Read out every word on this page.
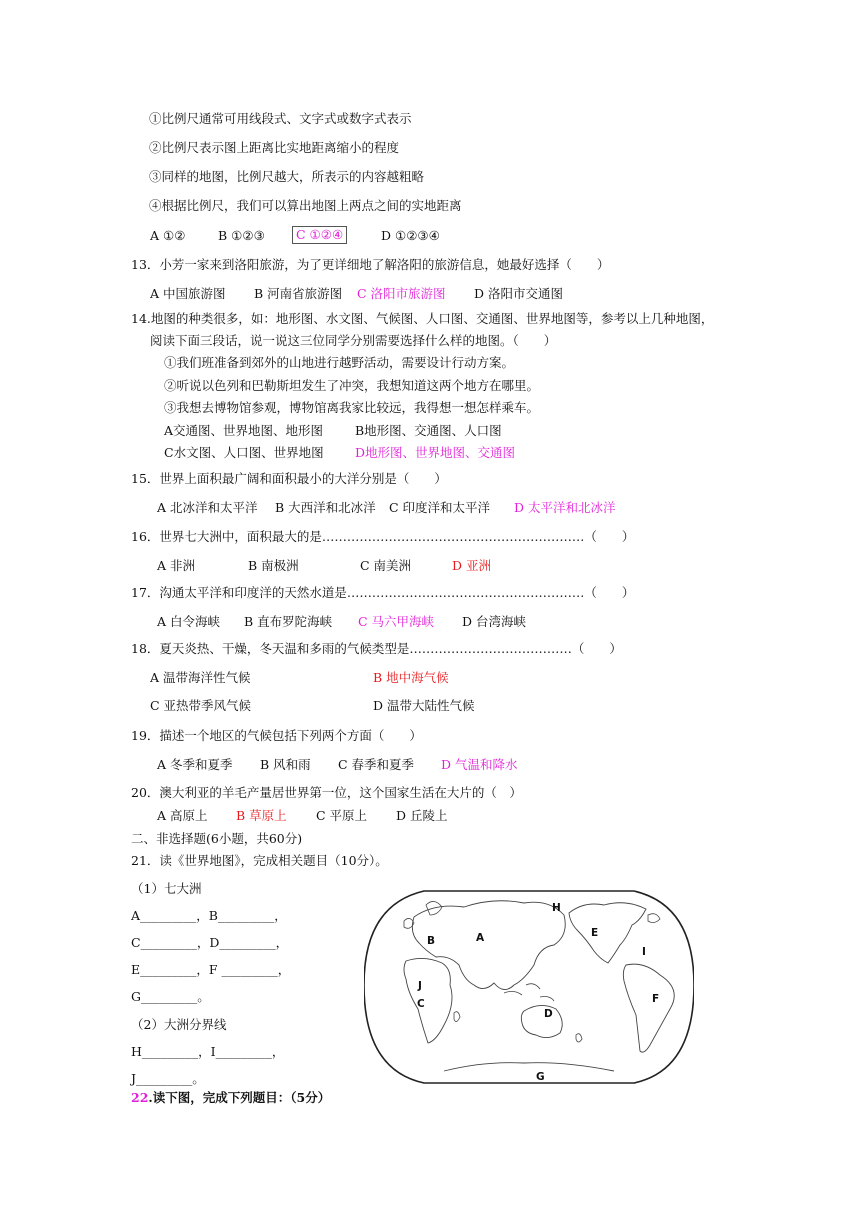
①比例尺通常可用线段式、文字式或数字式表示
②比例尺表示图上距离比实地距离缩小的程度
③同样的地图，比例尺越大，所表示的内容越粗略
④根据比例尺，我们可以算出地图上两点之间的实地距离
A ①②	B ①②③	C ①②④	D ①②③④
13．小芳一家来到洛阳旅游，为了更详细地了解洛阳的旅游信息，她最好选择（　　）
A 中国旅游图 B 河南省旅游图 C 洛阳市旅游图 D 洛阳市交通图
14.地图的种类很多，如：地形图、水文图、气候图、人口图、交通图、世界地图等，参考以上几种地图，
阅读下面三段话，说一说这三位同学分别需要选择什么样的地图。（　　）
①我们班准备到郊外的山地进行越野活动，需要设计行动方案。
②听说以色列和巴勒斯坦发生了冲突，我想知道这两个地方在哪里。
③我想去博物馆参观，博物馆离我家比较远，我得想一想怎样乘车。
A交通图、世界地图、地形图	B地形图、交通图、人口图
C水文图、人口图、世界地图	D地形图、世界地图、交通图
15．世界上面积最广阔和面积最小的大洋分别是（　　）
A 北冰洋和太平洋 B 大西洋和北冰洋 C 印度洋和太平洋 D 太平洋和北冰洋
16．世界七大洲中，面积最大的是………………………………………………………（　　）
A 非洲	B 南极洲	C 南美洲	D 亚洲
17．沟通太平洋和印度洋的天然水道是…………………………………………………（　　）
A 白令海峡 B 直布罗陀海峡 C 马六甲海峡 D 台湾海峡
18．夏天炎热、干燥，冬天温和多雨的气候类型是…………………………………（　　）
A 温带海洋性气候	B 地中海气候
C 亚热带季风气候	D 温带大陆性气候
19．描述一个地区的气候包括下列两个方面（　　）
A 冬季和夏季 B 风和雨 C 春季和夏季 D 气温和降水
20．澳大利亚的羊毛产量居世界第一位，这个国家生活在大片的（　）
A 高原上 B 草原上 C 平原上 D 丘陵上
二、非选择题(6小题，共60分)
21．读《世界地图》，完成相关题目（10分）。
（1）七大洲
A_________，B_________，
C_________，D_________，
E_________，F _________，
G_________。
（2）大洲分界线
H_________，I_________，
J_________。
H
A
B
E
I
J
C	F
D
G
22.读下图，完成下列题目：（5分）
